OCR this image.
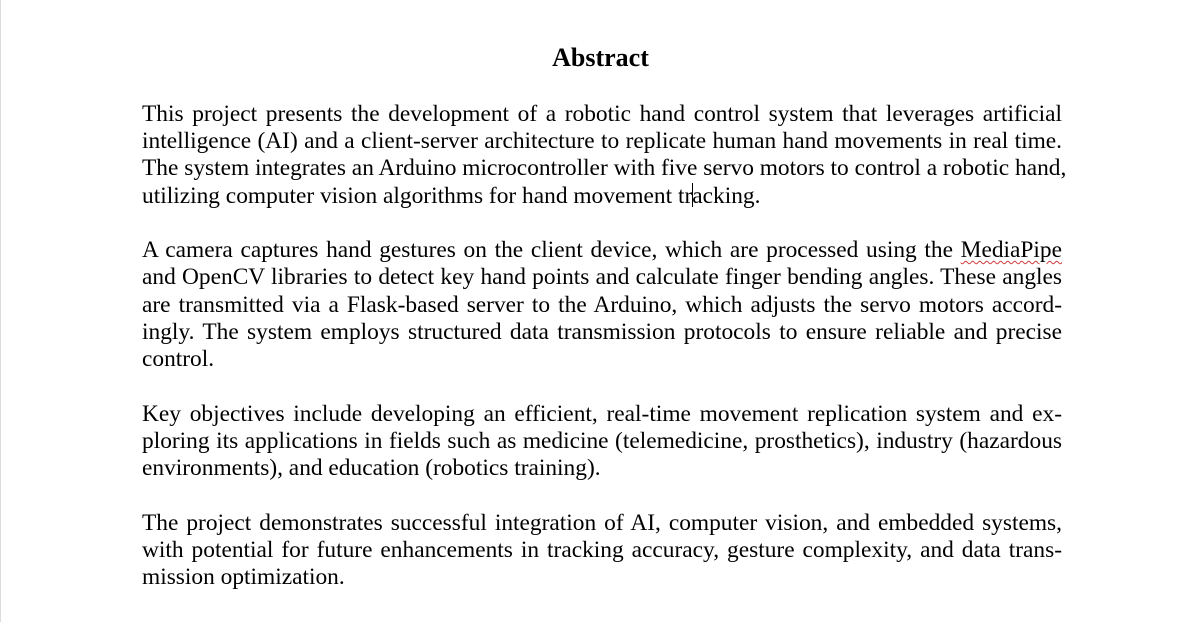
Abstract

This project presents the development of a robotic hand control system that leverages artificial
intelligence (AI) and a client-server architecture to replicate human hand movements in real time.
The system integrates an Arduino microcontroller with five servo motors to control a robotic hand,
utilizing computer vision algorithms for hand movement tracking.

A camera captures hand gestures on the client device, which are processed using the MediaPipe
and OpenCV libraries to detect key hand points and calculate finger bending angles. These angles
are transmitted via a Flask-based server to the Arduino, which adjusts the servo motors accord-
ingly. The system employs structured data transmission protocols to ensure reliable and precise
control.

Key objectives include developing an efficient, real-time movement replication system and ex-
ploring its applications in fields such as medicine (telemedicine, prosthetics), industry (hazardous
environments), and education (robotics training).

The project demonstrates successful integration of AI, computer vision, and embedded systems,
with potential for future enhancements in tracking accuracy, gesture complexity, and data trans-
mission optimization.
